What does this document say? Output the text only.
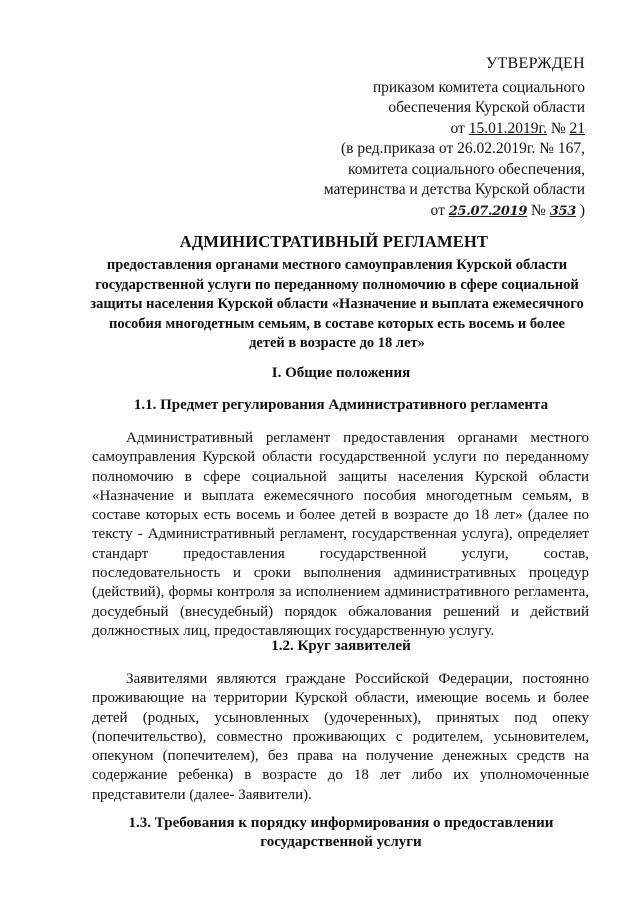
УТВЕРЖДЕН
приказом комитета социального
обеспечения Курской области
от 15.01.2019г. № 21
(в ред.приказа от 26.02.2019г. № 167,
комитета социального обеспечения,
материнства и детства Курской области
от 25.07.2019 № 353 )
АДМИНИСТРАТИВНЫЙ РЕГЛАМЕНТ
предоставления органами местного самоуправления Курской области государственной услуги по переданному полномочию в сфере социальной защиты населения Курской области «Назначение и выплата ежемесячного пособия многодетным семьям, в составе которых есть восемь и более детей в возрасте до 18 лет»
I. Общие положения
1.1. Предмет регулирования Административного регламента
Административный регламент предоставления органами местного самоуправления Курской области государственной услуги по переданному полномочию в сфере социальной защиты населения Курской области «Назначение и выплата ежемесячного пособия многодетным семьям, в составе которых есть восемь и более детей в возрасте до 18 лет» (далее по тексту - Административный регламент, государственная услуга), определяет стандарт предоставления государственной услуги, состав, последовательность и сроки выполнения административных процедур (действий), формы контроля за исполнением административного регламента, досудебный (внесудебный) порядок обжалования решений и действий должностных лиц, предоставляющих государственную услугу.
1.2. Круг заявителей
Заявителями являются граждане Российской Федерации, постоянно проживающие на территории Курской области, имеющие восемь и более детей (родных, усыновленных (удочеренных), принятых под опеку (попечительство), совместно проживающих с родителем, усыновителем, опекуном (попечителем), без права на получение денежных средств на содержание ребенка) в возрасте до 18 лет либо их уполномоченные представители (далее- Заявители).
1.3. Требования к порядку информирования о предоставлении
государственной услуги
